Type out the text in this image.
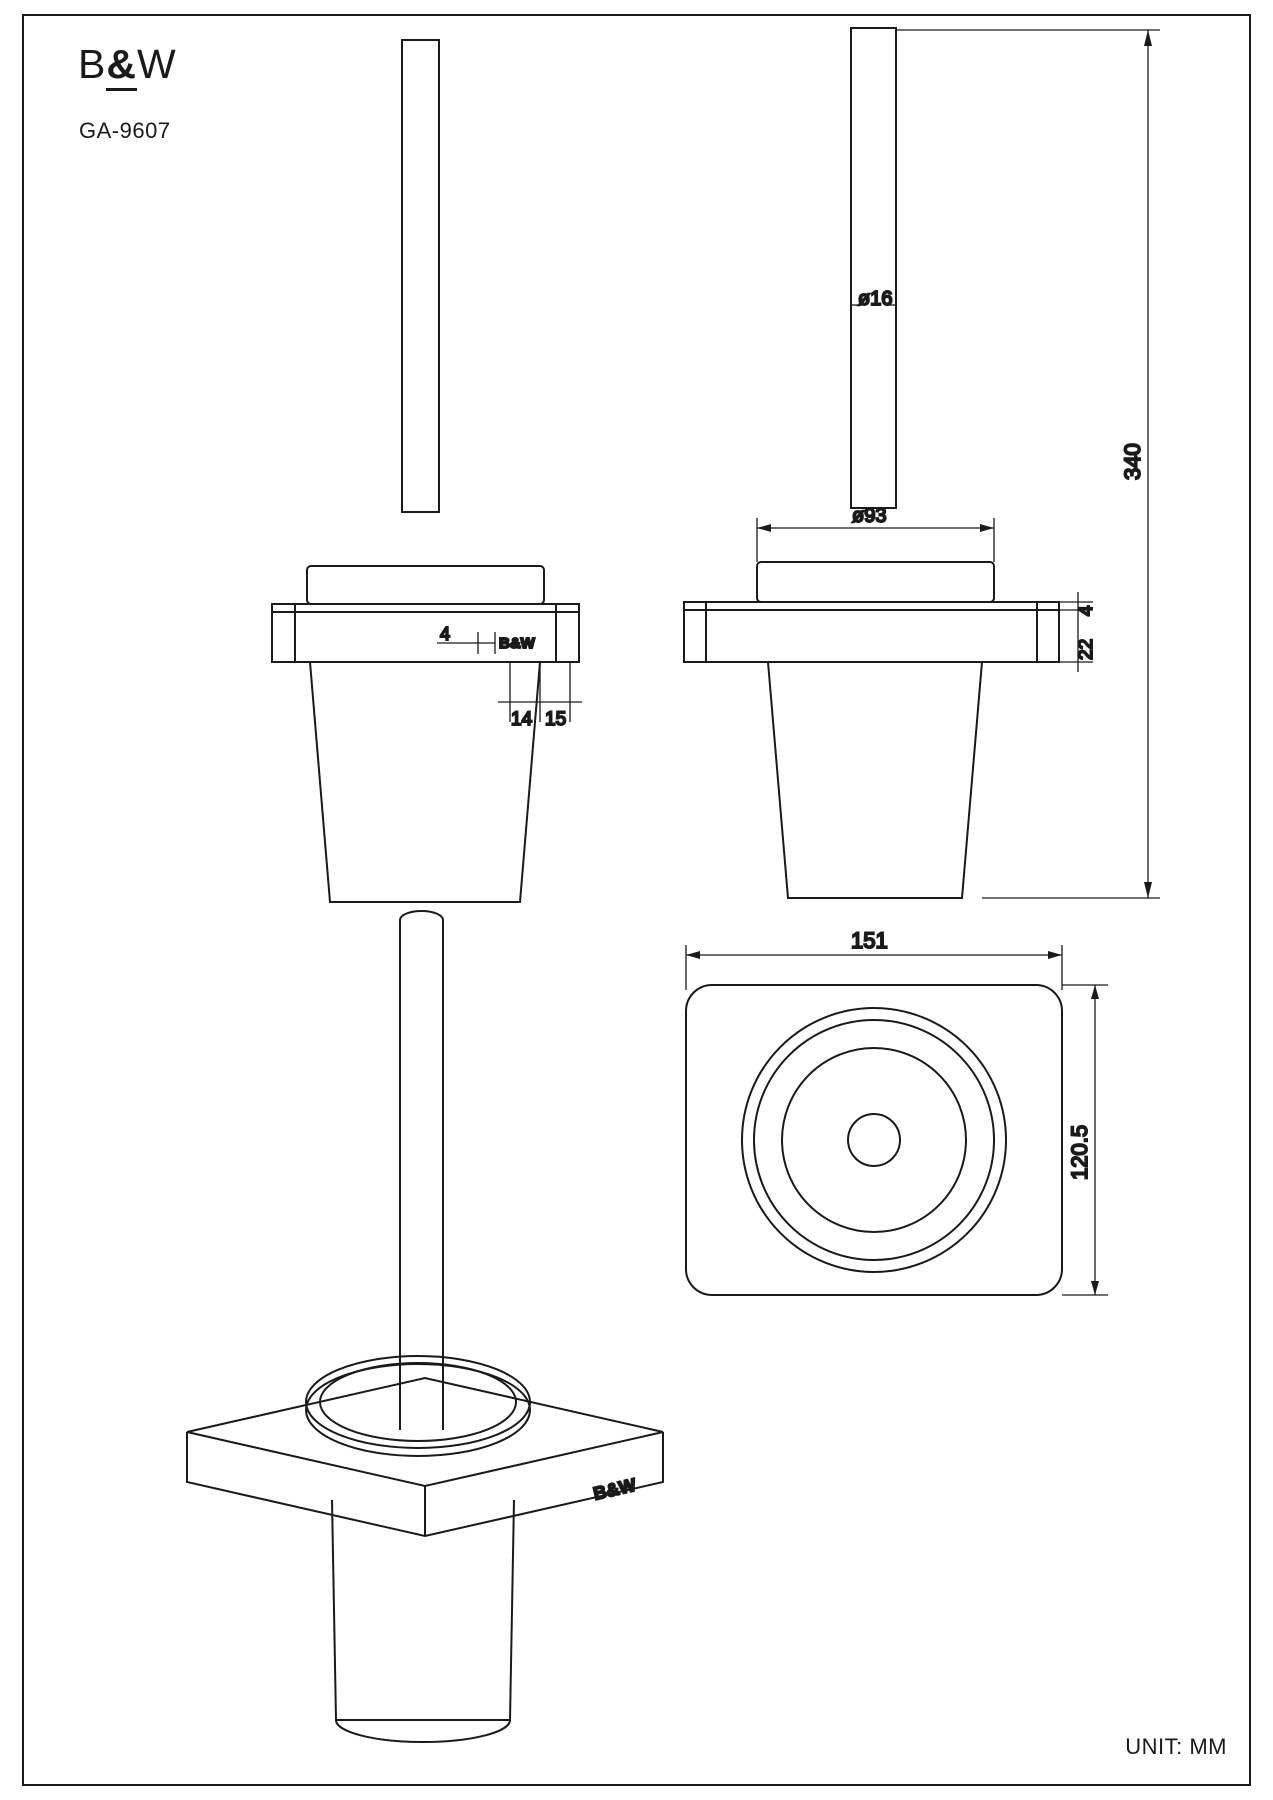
B&W
GA-9607
UNIT: MM
B&W
4
14 15
ø16
ø93
22
4
340
151
120.5
B&W
